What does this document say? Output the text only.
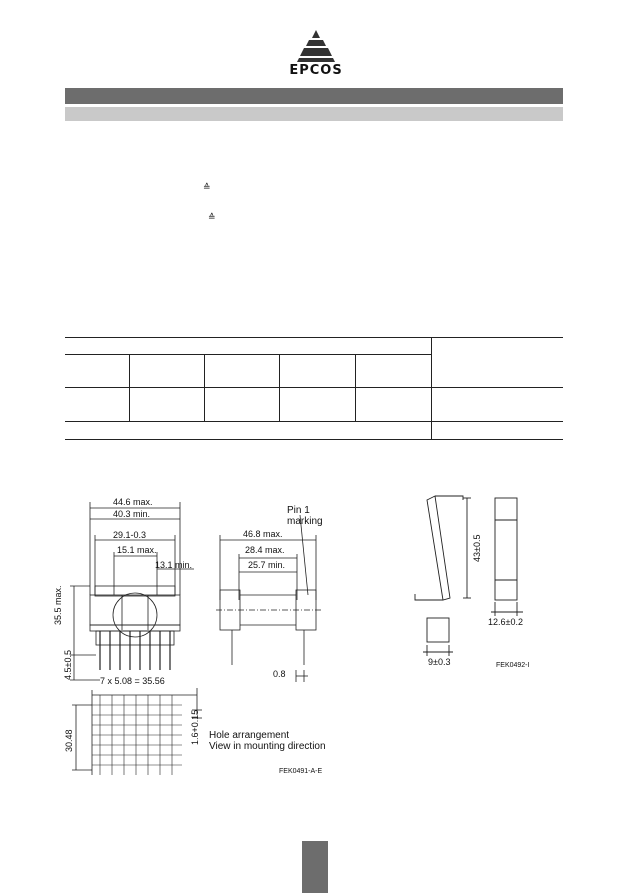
EPCOS
≙
≙
44.6 max.
40.3 min.
29.1-0.3
15.1 max.
13.1 min.
35.5 max.
4.5±0.5
7 x 5.08 = 35.56
30.48	1.6+0.15 Hole arrangement
View in mounting direction
FEK0491-A-E
Pin 1
marking
46.8 max.
28.4 max.
25.7 min.
0.8
43±0.5
12.6±0.2
9±0.3	FEK0492-I
